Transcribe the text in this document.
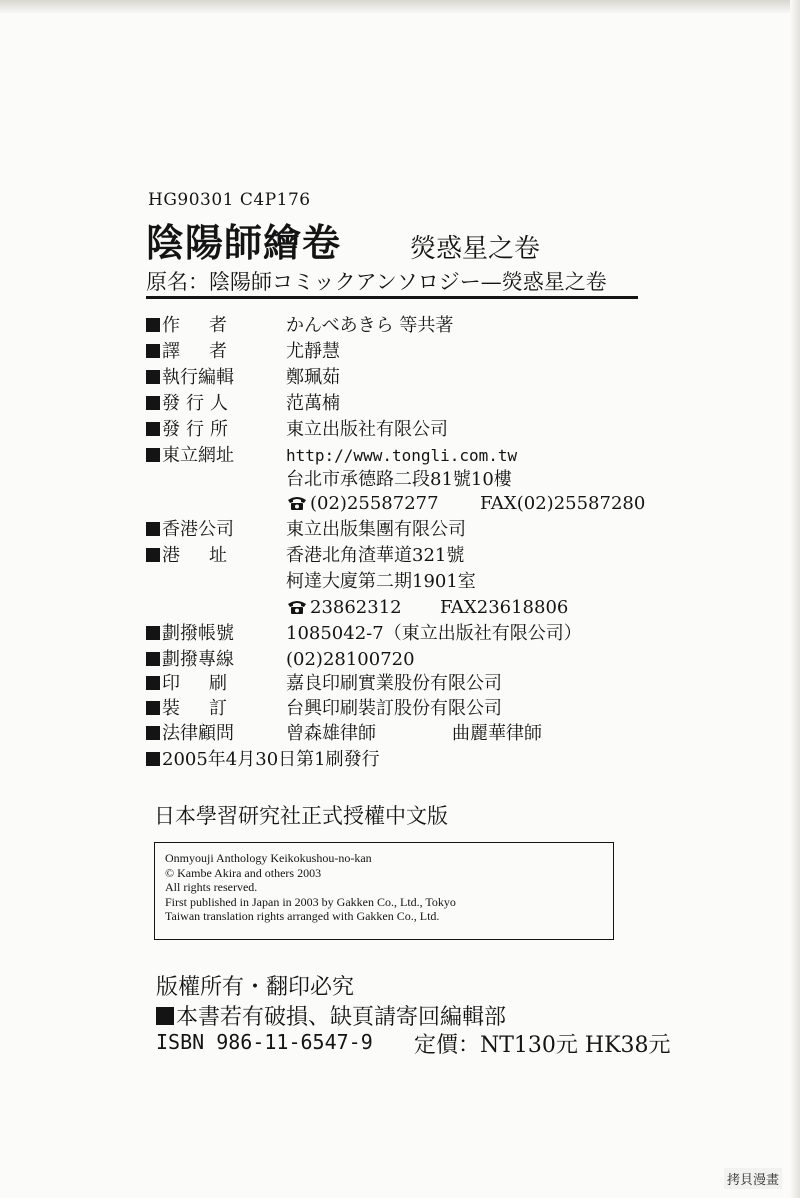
HG90301 C4P176
陰陽師繪卷	熒惑星之卷
原名：陰陽師コミックアンソロジー—熒惑星之卷
作者 かんべあきら 等共著
譯者 尤靜慧
執行編輯	鄭珮茹
發行人	范萬楠
發行所	東立出版社有限公司
東立網址	http://www.tongli.com.tw
台北市承德路二段81號10樓
(02)25587277 FAX(02)25587280
香港公司	東立出版集團有限公司
港址 香港北角渣華道321號
柯達大廈第二期1901室
23862312 FAX23618806
劃撥帳號	1085042-7（東立出版社有限公司）
劃撥專線	(02)28100720
印刷 嘉良印刷實業股份有限公司
裝訂 台興印刷裝訂股份有限公司
法律顧問	曾森雄律師	曲麗華律師
2005年4月30日第1刷發行
日本學習研究社正式授權中文版
Onmyouji Anthology Keikokushou-no-kan
© Kambe Akira and others 2003
All rights reserved.
First published in Japan in 2003 by Gakken Co., Ltd., Tokyo
Taiwan translation rights arranged with Gakken Co., Ltd.
版權所有・翻印必究
本書若有破損、缺頁請寄回編輯部
ISBN 986-11-6547-9 定價：NT130元 HK38元
拷貝漫畫
